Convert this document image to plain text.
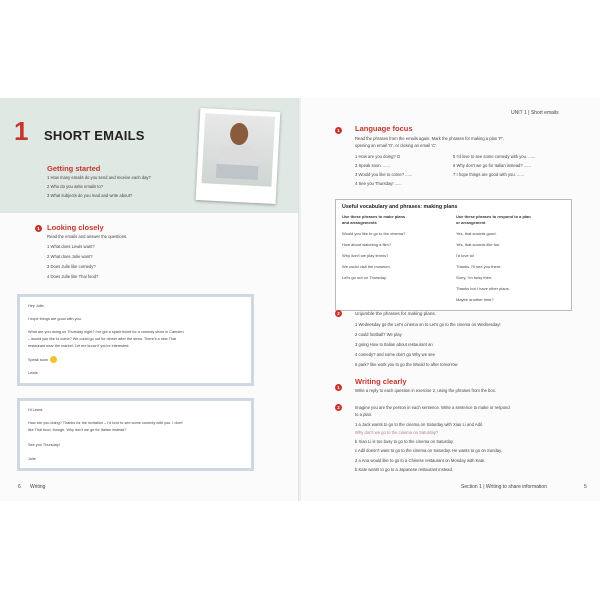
1 SHORT EMAILS
Getting started
1 How many emails do you send and receive each day?
2 Who do you write emails to?
3 What subjects do you read and write about?
1 Looking closely
Read the emails and answer the questions.
1 What does Lewis want?
2 What does Julie want?
3 Does Julie like comedy?
4 Does Julie like Thai food?
Hey Julie,
I hope things are good with you.
What are you doing on Thursday night? I've got a spare ticket for a comedy show in Camden
– would you like to come? We could go out for dinner after the show. There's a new Thai
restaurant near the market. Let me know if you're interested.
Speak soon
Lewis
Hi Lewis
How are you doing? Thanks for the invitation – I'd love to see some comedy with you. I don't
like Thai food, though. Why don't we go for Italian instead?
See you Thursday!
Julie
6 Writing
UNIT 1 | Short emails
1	Language focus
Read the phrases from the emails again. Mark the phrases for making a plan 'P',
opening an email 'O', or closing an email 'C'.
1 How are you doing? O
2 Speak soon. ......
3 Would you like to come? ......
4 See you Thursday! ......
5 I'd love to see some comedy with you. ......
6 Why don't we go for Italian instead? ......
7 I hope things are good with you. ......
Useful vocabulary and phrases: making plans
Use these phrases to make plans
and arrangements
Use these phrases to respond to a plan
or arrangement
Would you like to go to the cinema?
How about watching a film?
Why don't we play tennis?
We could visit the museum.
Let's go out on Thursday.
Yes, that sounds good.
Yes, that sounds like fun.
I'd love to!
Thanks. I'll see you there.
Sorry, I'm busy then.
Thanks but I have other plans.
Maybe another time?
2	Unjumble the phrases for making plans.
1 Wednesday go the Let's cinema on to Let's go to the cinema on Wednesday!
2 could football? We play
3 going How to Italian about restaurant an
4 comedy? and some don't go Why we see
5 park? like work you to go the Would to after tomorrow
1
Writing clearly
Write a reply to each question in exercise 2, using the phrases from the box.
2	Imagine you are the person in each sentence. Write a sentence to make or respond
to a plan.
1 a Jack wants to go to the cinema on Saturday with Xiao Li and Adil.
Why don't we go to the cinema on Saturday?
b Xiao Li is too busy to go to the cinema on Saturday.
c Adil doesn't want to go to the cinema on Saturday. He wants to go on Sunday.
2 a Ana would like to go to a Chinese restaurant on Monday with Kate.
b Kate wants to go to a Japanese restaurant instead.
Section 1 | Writing to share information	5
